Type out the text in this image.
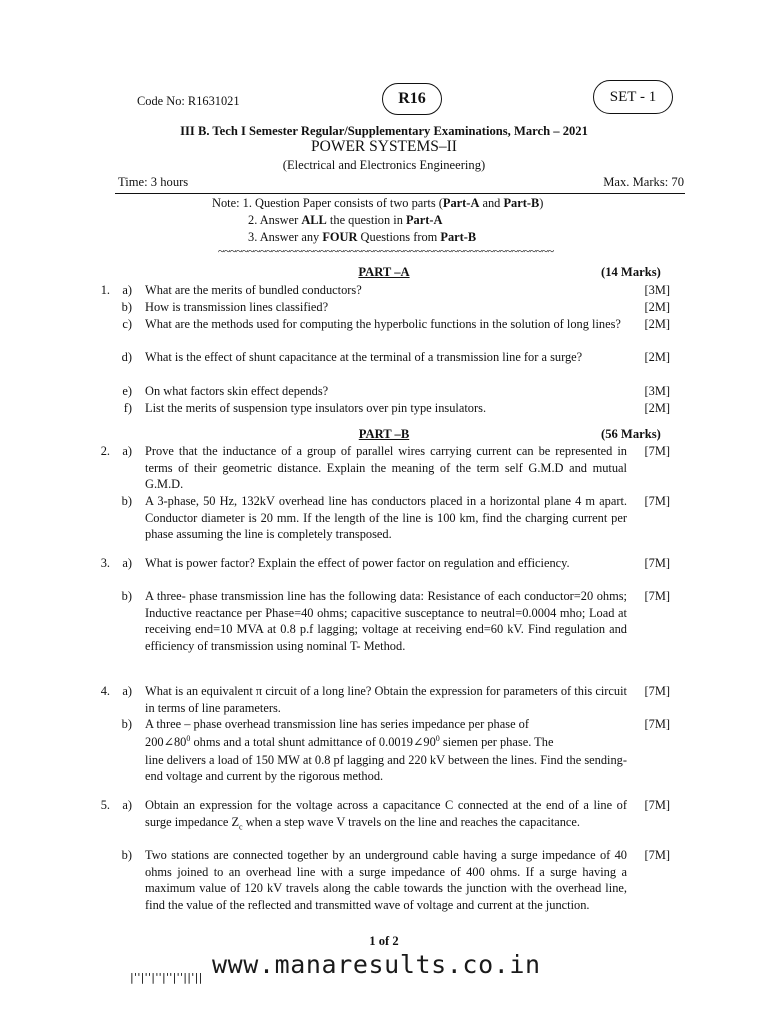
Code No: R1631021	R16	SET - 1
III B. Tech I Semester Regular/Supplementary Examinations, March – 2021
POWER SYSTEMS–II
(Electrical and Electronics Engineering)
Time: 3 hours	Max. Marks: 70
Note: 1. Question Paper consists of two parts (Part-A and Part-B)
2. Answer ALL the question in Part-A
3. Answer any FOUR Questions from Part-B
~~~~~~~~~~~~~~~~~~~~~~~~~~~~~~~~~~~~~~~~~~~~~~~~~~~~~~~~
PART –A	(14 Marks)
1. a) What are the merits of bundled conductors?	[3M]
b) How is transmission lines classified?	[2M]
c) What are the methods used for computing the hyperbolic functions in the solution of long lines?	[2M]
d) What is the effect of shunt capacitance at the terminal of a transmission line for a surge?	[2M]
e) On what factors skin effect depends?	[3M]
f) List the merits of suspension type insulators over pin type insulators.	[2M]
PART –B	(56 Marks)
2. a) Prove that the inductance of a group of parallel wires carrying current can be represented in terms of their geometric distance. Explain the meaning of the term self G.M.D and mutual G.M.D.
[7M]
b) A 3-phase, 50 Hz, 132kV overhead line has conductors placed in a horizontal plane 4 m apart. Conductor diameter is 20 mm. If the length of the line is 100 km, find the charging current per phase assuming the line is completely transposed.
[7M]
3. a) What is power factor? Explain the effect of power factor on regulation and efficiency.	[7M]
b) A three- phase transmission line has the following data: Resistance of each conductor=20 ohms; Inductive reactance per Phase=40 ohms; capacitive susceptance to neutral=0.0004 mho; Load at receiving end=10 MVA at 0.8 p.f lagging; voltage at receiving end=60 kV. Find regulation and efficiency of transmission using nominal T- Method.
[7M]
4. a) What is an equivalent π circuit of a long line? Obtain the expression for parameters of this circuit in terms of line parameters.
[7M]
b) A three – phase overhead transmission line has series impedance per phase of
$200\angle 80^0$ ohms and a total shunt admittance of $0.0019\angle 90^0$ siemen per phase. The
line delivers a load of 150 MW at 0.8 pf lagging and 220 kV between the lines. Find the sending-end voltage and current by the rigorous method.
[7M]
5. a) Obtain an expression for the voltage across a capacitance C connected at the end of a line of surge impedance $Z_c$ when a step wave V travels on the line and reaches the capacitance.
[7M]
b) Two stations are connected together by an underground cable having a surge impedance of 40 ohms joined to an overhead line with a surge impedance of 400 ohms. If a surge having a maximum value of 120 kV travels along the cable towards the junction with the overhead line, find the value of the reflected and transmitted wave of voltage and current at the junction.
[7M]
1 of 2
|''|''|''|''|''||'|| www.manaresults.co.in
